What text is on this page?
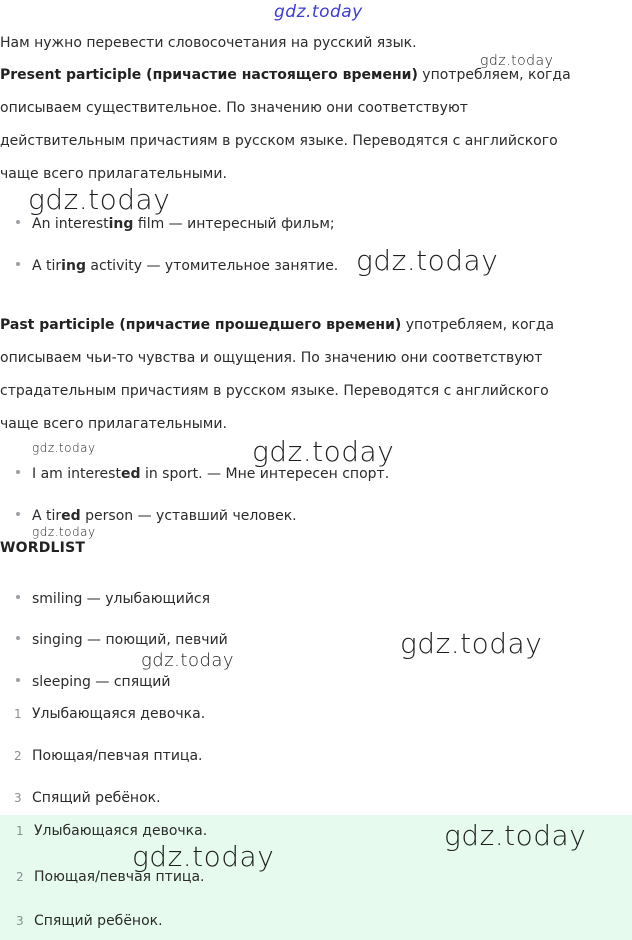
gdz.today
Нам нужно перевести словосочетания на русский язык.
Present participle (причастие настоящего времени) употребляем, когда
описываем существительное. По значению они соответствуют
действительным причастиям в русском языке. Переводятся с английского
чаще всего прилагательными.
An interesting film — интересный фильм;
A tiring activity — утомительное занятие.
Past participle (причастие прошедшего времени) употребляем, когда
описываем чьи-то чувства и ощущения. По значению они соответствуют
страдательным причастиям в русском языке. Переводятся с английского
чаще всего прилагательными.
I am interested in sport. — Мне интересен спорт.
A tired person — уставший человек.
WORDLIST
smiling — улыбающийся
singing — поющий, певчий
sleeping — спящий
1 Улыбающаяся девочка.
2 Поющая/певчая птица.
3 Спящий ребёнок.
1 Улыбающаяся девочка.
2 Поющая/певчая птица.
3 Спящий ребёнок.
gdz.today
gdz.today
gdz.today
gdz.today	gdz.today
gdz.today
gdz.today
gdz.today
gdz.today
gdz.today
